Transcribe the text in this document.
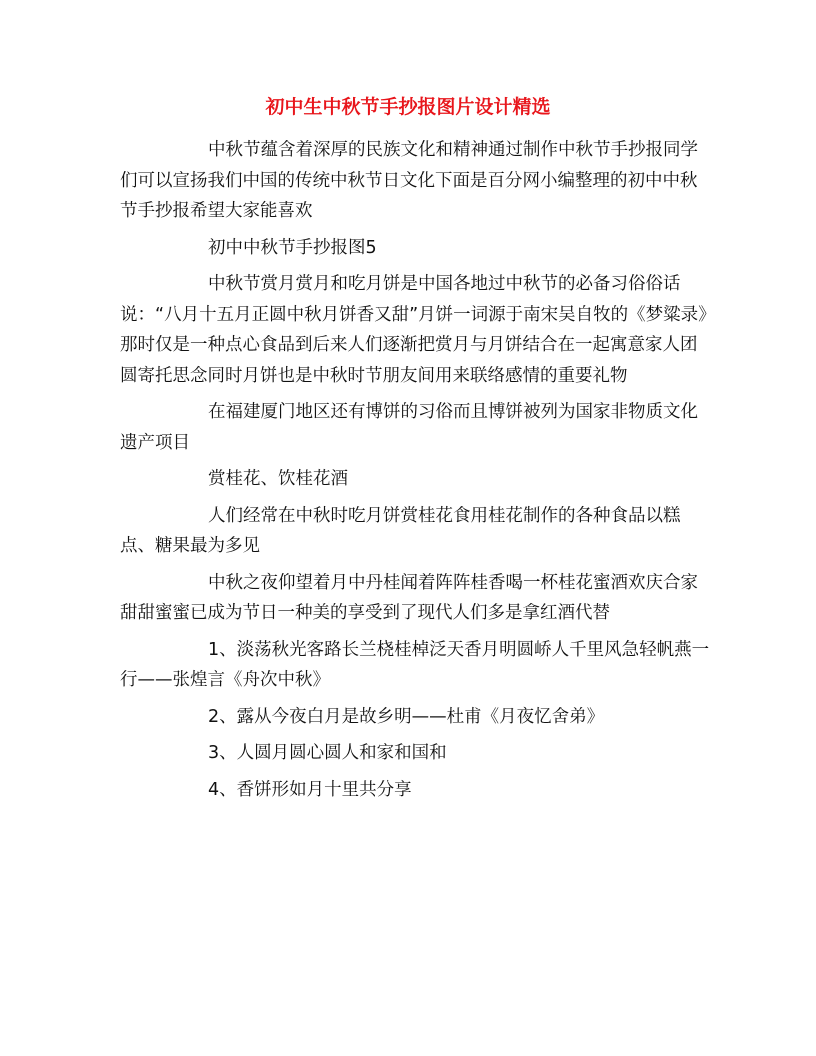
初中生中秋节手抄报图片设计精选

中秋节蕴含着深厚的民族文化和精神通过制作中秋节手抄报同学们可以宣扬我们中国的传统中秋节日文化下面是百分网小编整理的初中中秋节手抄报希望大家能喜欢

初中中秋节手抄报图5

中秋节赏月赏月和吃月饼是中国各地过中秋节的必备习俗俗话说：“八月十五月正圆中秋月饼香又甜”月饼一词源于南宋吴自牧的《梦粱录》那时仅是一种点心食品到后来人们逐渐把赏月与月饼结合在一起寓意家人团圆寄托思念同时月饼也是中秋时节朋友间用来联络感情的重要礼物

在福建厦门地区还有博饼的习俗而且博饼被列为国家非物质文化遗产项目

赏桂花、饮桂花酒

人们经常在中秋时吃月饼赏桂花食用桂花制作的各种食品以糕点、糖果最为多见

中秋之夜仰望着月中丹桂闻着阵阵桂香喝一杯桂花蜜酒欢庆合家甜甜蜜蜜已成为节日一种美的享受到了现代人们多是拿红酒代替

1、淡荡秋光客路长兰桡桂棹泛天香月明圆峤人千里风急轻帆燕一行——张煌言《舟次中秋》

2、露从今夜白月是故乡明——杜甫《月夜忆舍弟》

3、人圆月圆心圆人和家和国和

4、香饼形如月十里共分享
